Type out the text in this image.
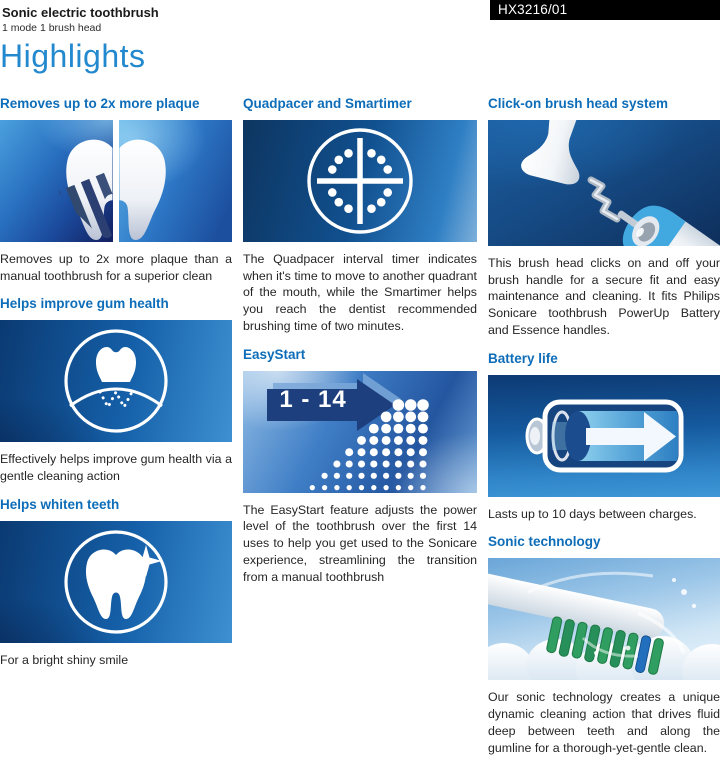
Sonic electric toothbrush
1 mode 1 brush head
HX3216/01
Highlights
Removes up to 2x more plaque

Removes up to 2x more plaque than a manual toothbrush for a superior clean

Helps improve gum health

Effectively helps improve gum health via a gentle cleaning action

Helps whiten teeth

For a bright shiny smile

Quadpacer and Smartimer

The Quadpacer interval timer indicates when it's time to move to another quadrant of the mouth, while the Smartimer helps you reach the dentist recommended brushing time of two minutes.

EasyStart
1 - 14

The EasyStart feature adjusts the power level of the toothbrush over the first 14 uses to help you get used to the Sonicare experience, streamlining the transition from a manual toothbrush

Click-on brush head system

This brush head clicks on and off your brush handle for a secure fit and easy maintenance and cleaning. It fits Philips Sonicare toothbrush PowerUp Battery and Essence handles.

Battery life

Lasts up to 10 days between charges.

Sonic technology

Our sonic technology creates a unique dynamic cleaning action that drives fluid deep between teeth and along the gumline for a thorough-yet-gentle clean.
